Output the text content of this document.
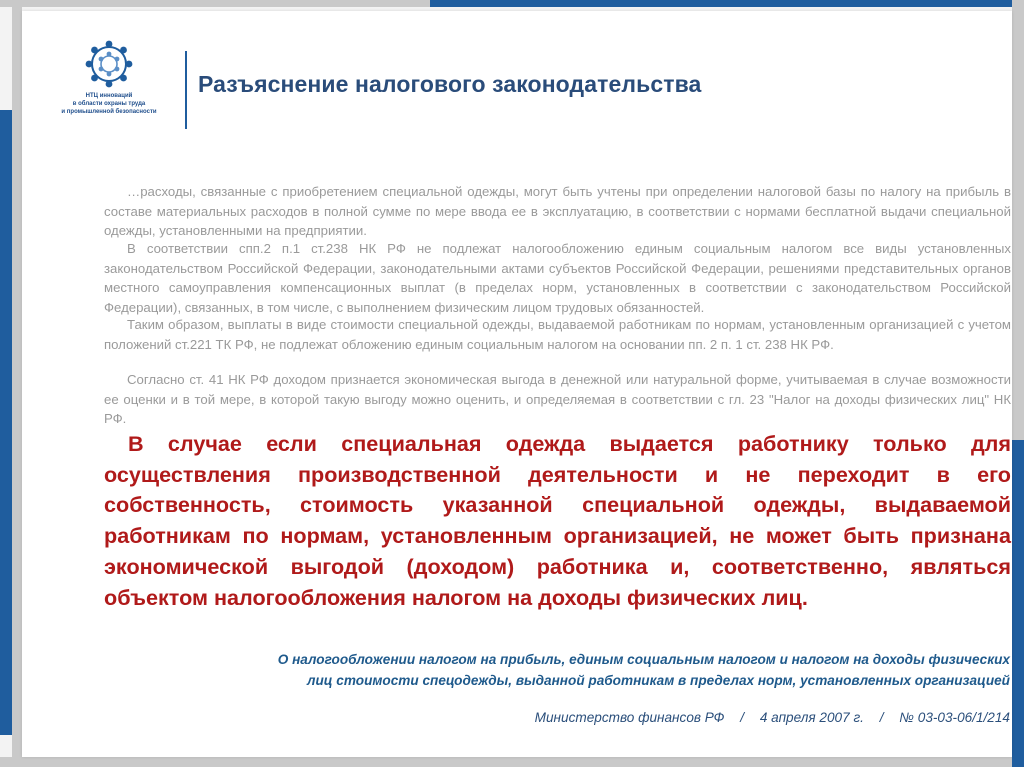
НТЦ инноваций
в области охраны труда
и промышленной безопасности
Разъяснение налогового законодательства

…расходы, связанные с приобретением специальной одежды, могут быть учтены при определении налоговой базы по налогу на прибыль в составе материальных расходов в полной сумме по мере ввода ее в эксплуатацию, в соответствии с нормами бесплатной выдачи специальной одежды, установленными на предприятии.

В соответствии спп.2 п.1 ст.238 НК РФ не подлежат налогообложению единым социальным налогом все виды установленных законодательством Российской Федерации, законодательными актами субъектов Российской Федерации, решениями представительных органов местного самоуправления компенсационных выплат (в пределах норм, установленных в соответствии с законодательством Российской Федерации), связанных, в том числе, с выполнением физическим лицом трудовых обязанностей.

Таким образом, выплаты в виде стоимости специальной одежды, выдаваемой работникам по нормам, установленным организацией с учетом положений ст.221 ТК РФ, не подлежат обложению единым социальным налогом на основании пп. 2 п. 1 ст. 238 НК РФ.

Согласно ст. 41 НК РФ доходом признается экономическая выгода в денежной или натуральной форме, учитываемая в случае возможности ее оценки и в той мере, в которой такую выгоду можно оценить, и определяемая в соответствии с гл. 23 "Налог на доходы физических лиц" НК РФ.

В случае если специальная одежда выдается работнику только для осуществления производственной деятельности и не переходит в его собственность, стоимость указанной специальной одежды, выдаваемой работникам по нормам, установленным организацией, не может быть признана экономической выгодой (доходом) работника и, соответственно, являться объектом налогообложения налогом на доходы физических лиц.

О налогообложении налогом на прибыль, единым социальным налогом и налогом на доходы физических
лиц стоимости спецодежды, выданной работникам в пределах норм, установленных организацией

Министерство финансов РФ / 4 апреля 2007 г. / № 03-03-06/1/214
